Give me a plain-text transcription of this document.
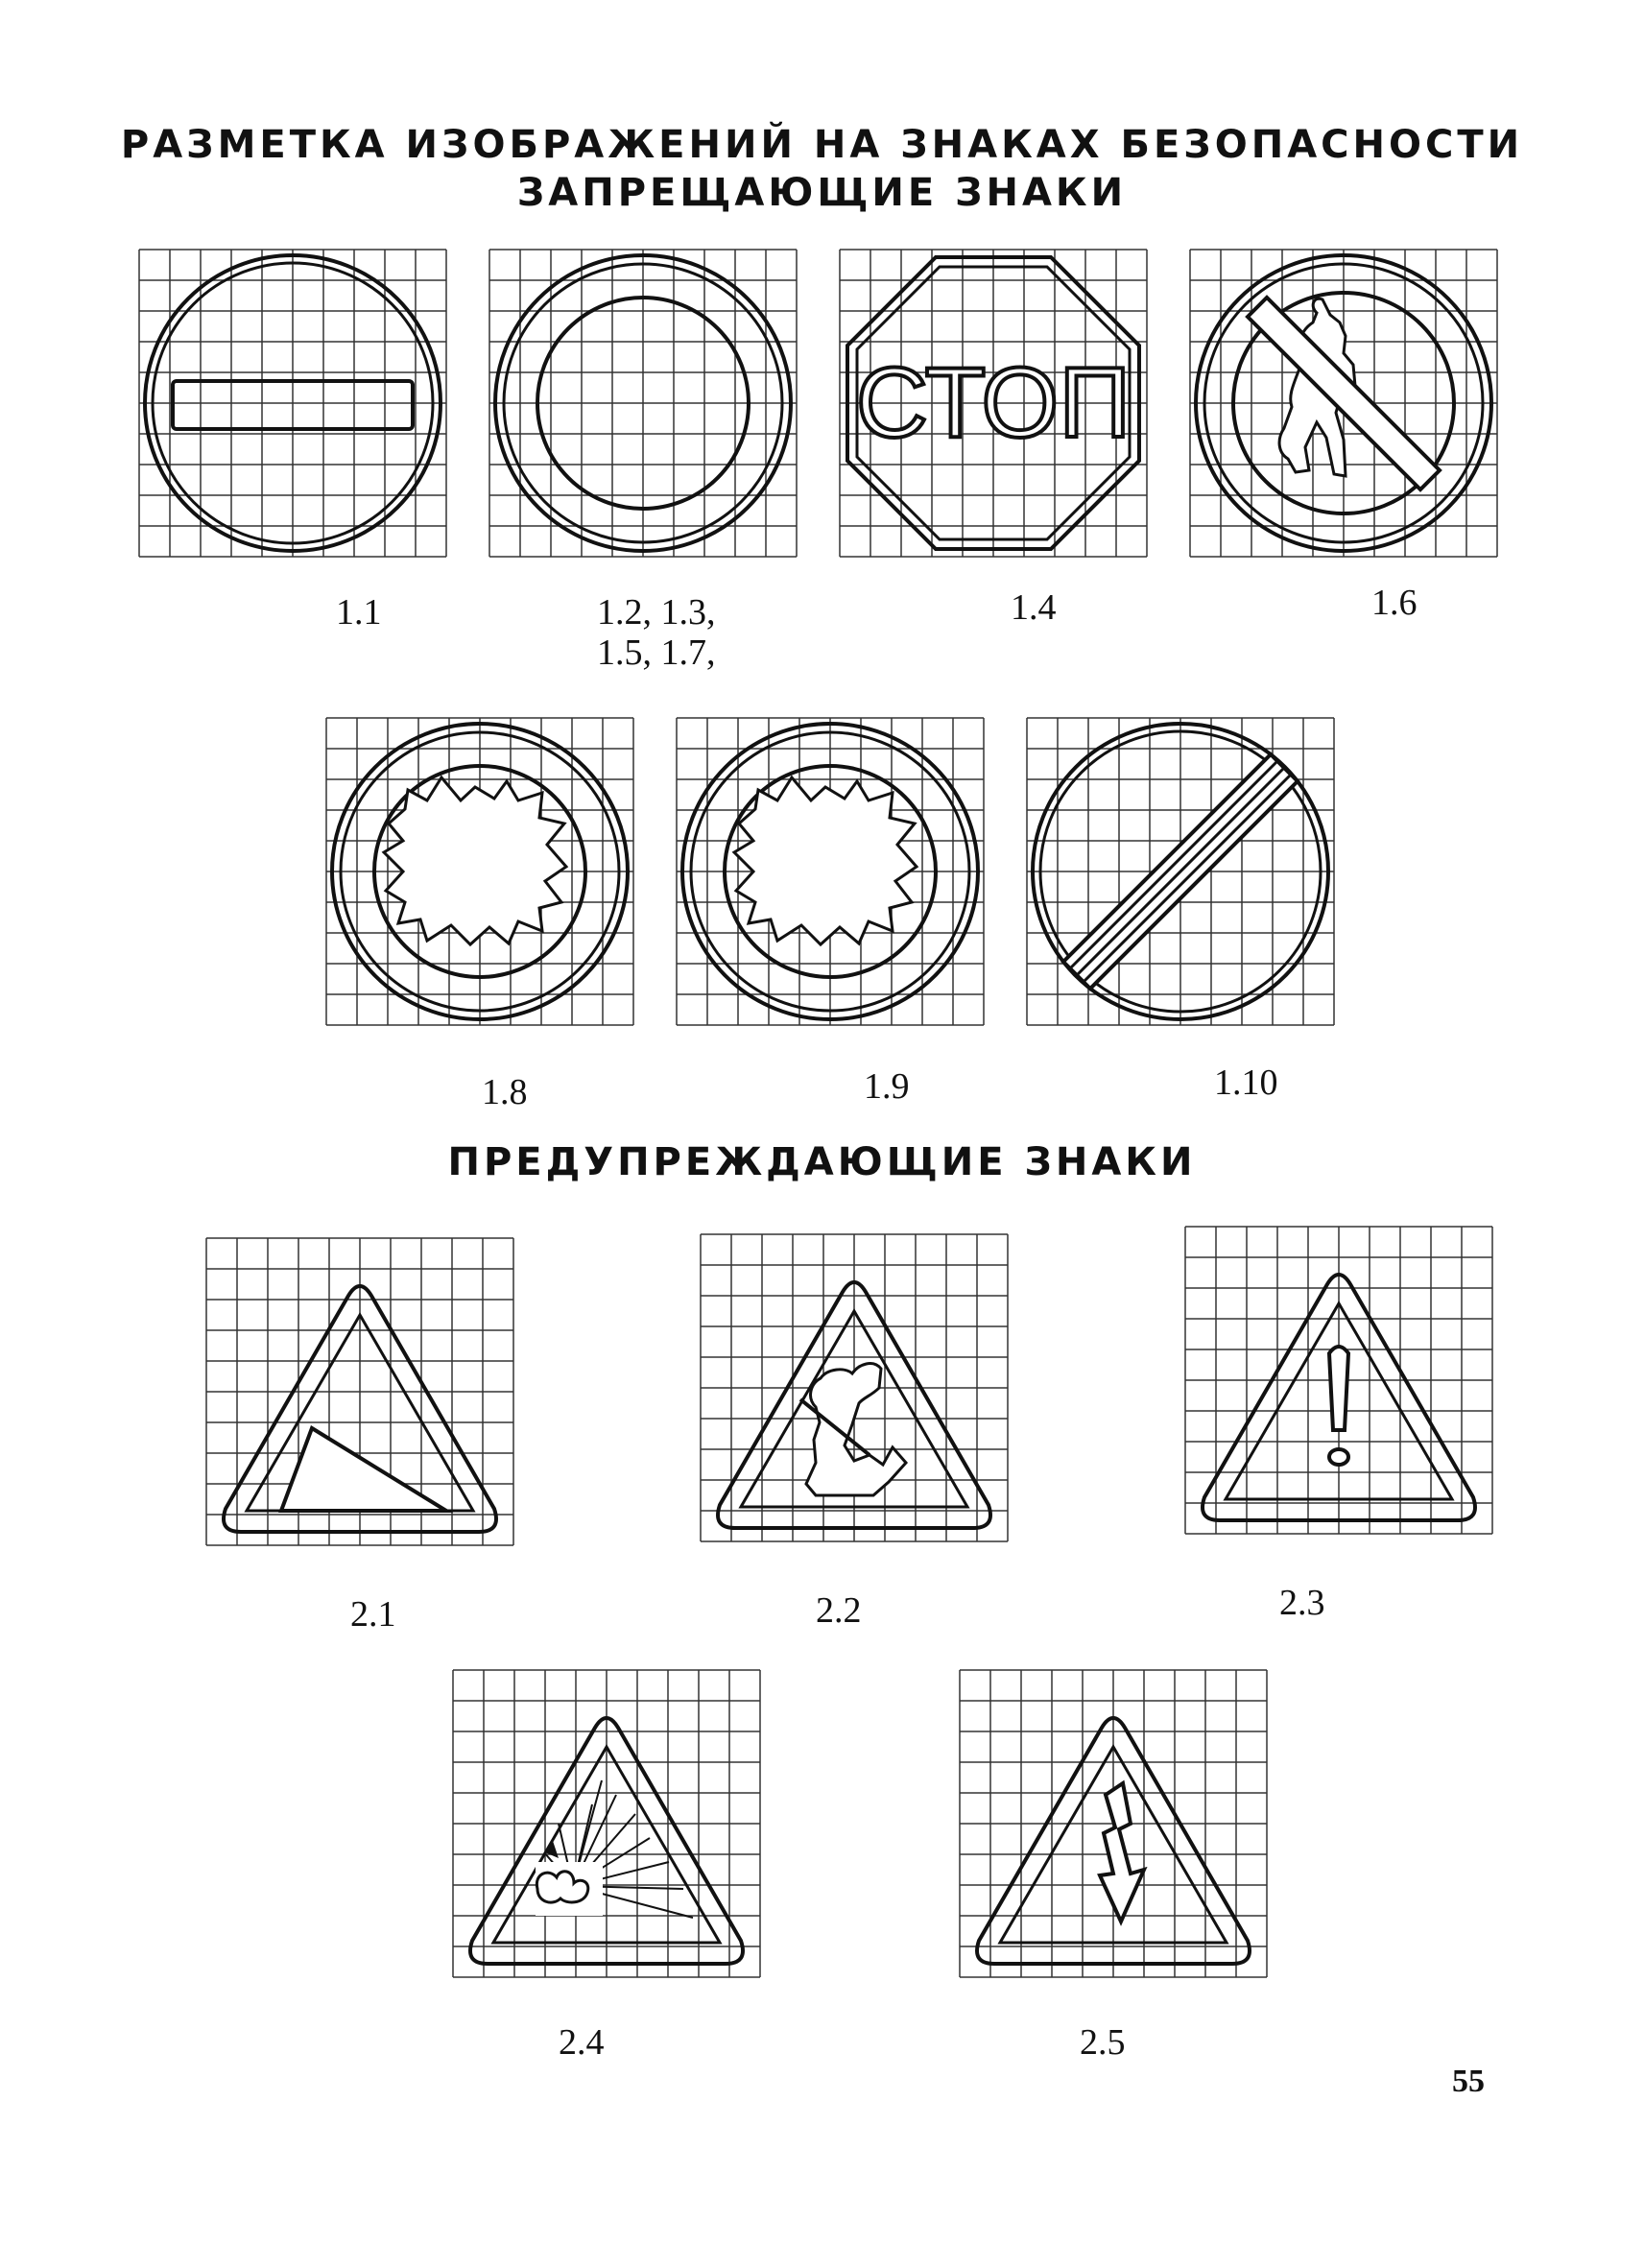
РАЗМЕТКА ИЗОБРАЖЕНИЙ НА ЗНАКАХ БЕЗОПАСНОСТИ
ЗАПРЕЩАЮЩИЕ ЗНАКИ
СТОП
1.1	1.2, 1.3,
1.5, 1.7,
1.4	1.6
1.8	1.9	1.10
ПРЕДУПРЕЖДАЮЩИЕ ЗНАКИ
2.1	2.2	2.3
2.4	2.5
55
